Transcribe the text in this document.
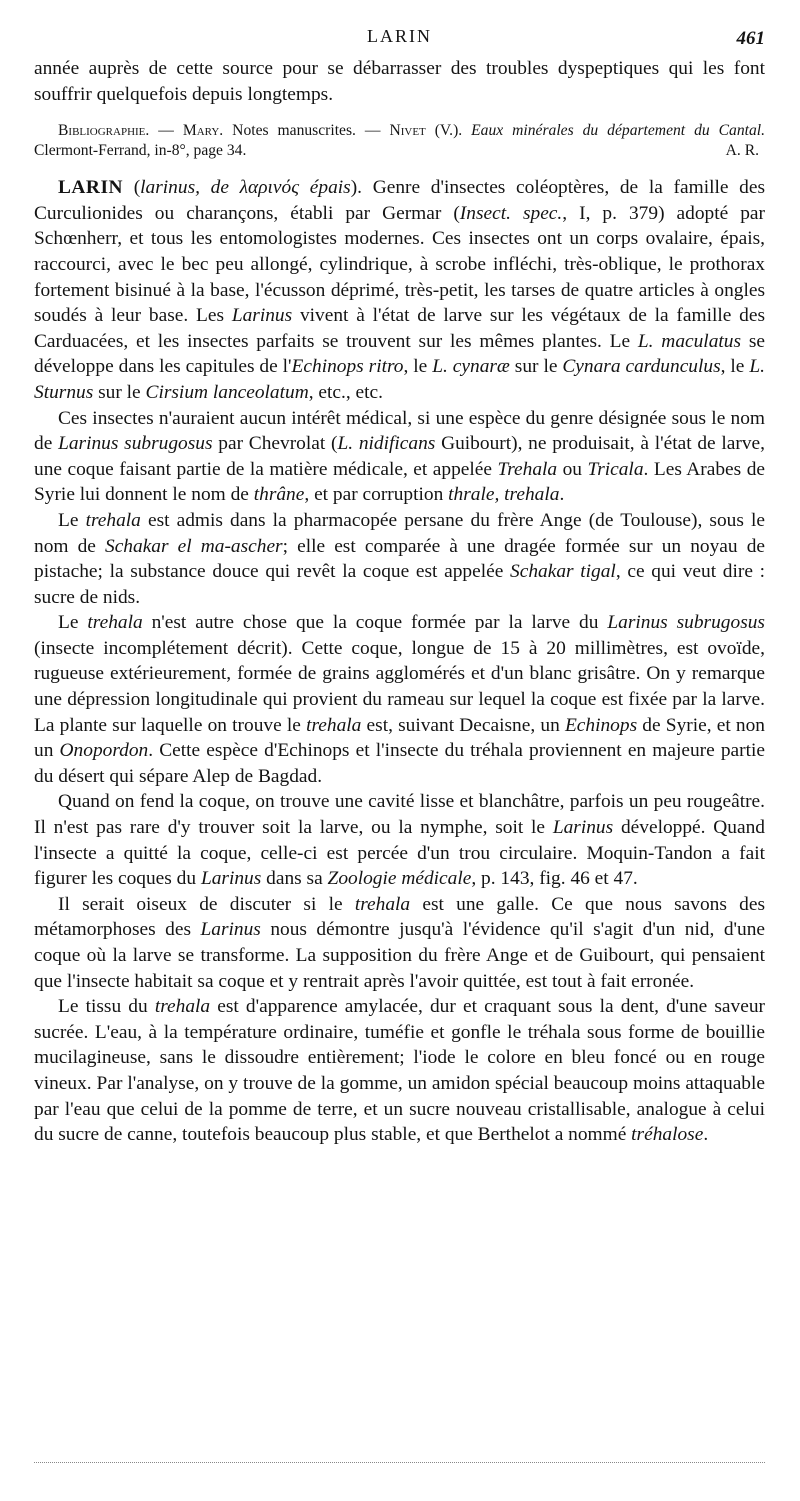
LARIN	461

année auprès de cette source pour se débarrasser des troubles dyspeptiques qui les font souffrir quelquefois depuis longtemps.

Bibliographie. — Mary. Notes manuscrites. — Nivet (V.). Eaux minérales du département du Cantal. Clermont-Ferrand, in-8°, page 34.	A. R.

LARIN (larinus, de λαρινός épais). Genre d'insectes coléoptères, de la famille des Curculionides ou charançons, établi par Germar (Insect. spec., I, p. 379) adopté par Schœnherr, et tous les entomologistes modernes. Ces insectes ont un corps ovalaire, épais, raccourci, avec le bec peu allongé, cylindrique, à scrobe infléchi, très-oblique, le prothorax fortement bisinué à la base, l'écusson déprimé, très-petit, les tarses de quatre articles à ongles soudés à leur base. Les Larinus vivent à l'état de larve sur les végétaux de la famille des Carduacées, et les insectes parfaits se trouvent sur les mêmes plantes. Le L. maculatus se développe dans les capitules de l'Echinops ritro, le L. cynaræ sur le Cynara cardunculus, le L. Sturnus sur le Cirsium lanceolatum, etc., etc.

Ces insectes n'auraient aucun intérêt médical, si une espèce du genre désignée sous le nom de Larinus subrugosus par Chevrolat (L. nidificans Guibourt), ne produisait, à l'état de larve, une coque faisant partie de la matière médicale, et appelée Trehala ou Tricala. Les Arabes de Syrie lui donnent le nom de thrâne, et par corruption thrale, trehala.

Le trehala est admis dans la pharmacopée persane du frère Ange (de Toulouse), sous le nom de Schakar el ma-ascher; elle est comparée à une dragée formée sur un noyau de pistache; la substance douce qui revêt la coque est appelée Schakar tigal, ce qui veut dire : sucre de nids.

Le trehala n'est autre chose que la coque formée par la larve du Larinus subrugosus (insecte incomplétement décrit). Cette coque, longue de 15 à 20 millimètres, est ovoïde, rugueuse extérieurement, formée de grains agglomérés et d'un blanc grisâtre. On y remarque une dépression longitudinale qui provient du rameau sur lequel la coque est fixée par la larve. La plante sur laquelle on trouve le trehala est, suivant Decaisne, un Echinops de Syrie, et non un Onopordon. Cette espèce d'Echinops et l'insecte du tréhala proviennent en majeure partie du désert qui sépare Alep de Bagdad.

Quand on fend la coque, on trouve une cavité lisse et blanchâtre, parfois un peu rougeâtre. Il n'est pas rare d'y trouver soit la larve, ou la nymphe, soit le Larinus développé. Quand l'insecte a quitté la coque, celle-ci est percée d'un trou circulaire. Moquin-Tandon a fait figurer les coques du Larinus dans sa Zoologie médicale, p. 143, fig. 46 et 47.

Il serait oiseux de discuter si le trehala est une galle. Ce que nous savons des métamorphoses des Larinus nous démontre jusqu'à l'évidence qu'il s'agit d'un nid, d'une coque où la larve se transforme. La supposition du frère Ange et de Guibourt, qui pensaient que l'insecte habitait sa coque et y rentrait après l'avoir quittée, est tout à fait erronée.

Le tissu du trehala est d'apparence amylacée, dur et craquant sous la dent, d'une saveur sucrée. L'eau, à la température ordinaire, tuméfie et gonfle le tréhala sous forme de bouillie mucilagineuse, sans le dissoudre entièrement; l'iode le colore en bleu foncé ou en rouge vineux. Par l'analyse, on y trouve de la gomme, un amidon spécial beaucoup moins attaquable par l'eau que celui de la pomme de terre, et un sucre nouveau cristallisable, analogue à celui du sucre de canne, toutefois beaucoup plus stable, et que Berthelot a nommé tréhalose.
